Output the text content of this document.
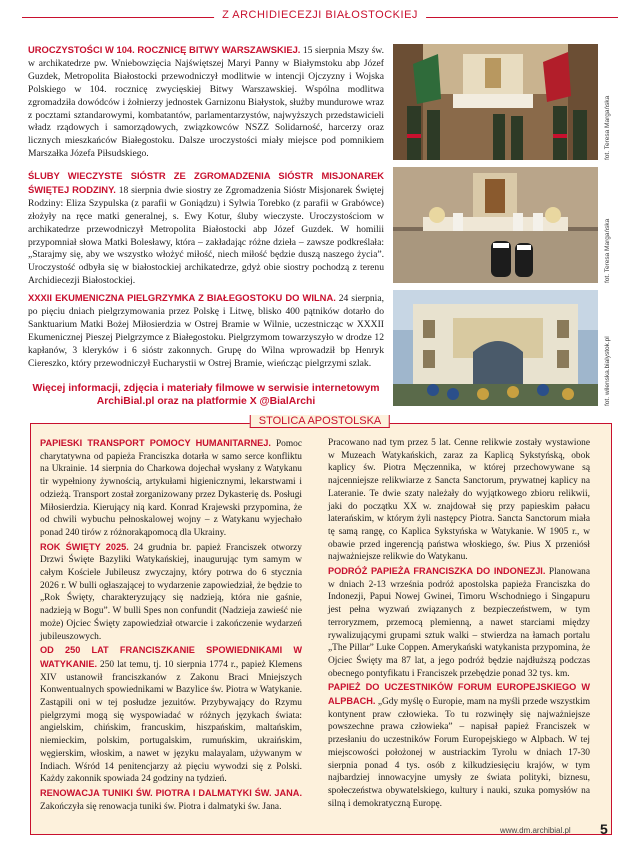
Z ARCHIDIECEZJI BIAŁOSTOCKIEJ
UROCZYSTOŚCI W 104. ROCZNICĘ BITWY WARSZAWSKIEJ. 15 sierpnia Mszy św. w archikatedrze pw. Wniebowzięcia Najświętszej Maryi Panny w Białymstoku abp Józef Guzdek, Metropolita Białostocki przewodniczył modlitwie w intencji Ojczyzny i Wojska Polskiego w 104. rocznicę zwycięskiej Bitwy Warszawskiej. Wspólna modlitwa zgromadziła dowódców i żołnierzy jednostek Garnizonu Białystok, służby mundurowe wraz z pocztami sztandarowymi, kombatantów, parlamentarzystów, najwyższych przedstawicieli władz rządowych i samorządowych, związkowców NSZZ Solidarność, harcerzy oraz licznych mieszkańców Białegostoku. Dalsze uroczystości miały miejsce pod pomnikiem Marszałka Józefa Piłsudskiego.
ŚLUBY WIECZYSTE SIÓSTR ZE ZGROMADZENIA SIÓSTR MISJONAREK ŚWIĘTEJ RODZINY. 18 sierpnia dwie siostry ze Zgromadzenia Sióstr Misjonarek Świętej Rodziny: Eliza Szypulska (z parafii w Goniądzu) i Sylwia Torebko (z parafii w Grabówce) złożyły na ręce matki generalnej, s. Ewy Kotur, śluby wieczyste. Uroczystościom w archikatedrze przewodniczył Metropolita Białostocki abp Józef Guzdek. W homilii przypomniał słowa Matki Bolesławy, która – zakładając różne dzieła – zawsze podkreślała: „Starajmy się, aby we wszystko włożyć miłość, niech miłość będzie duszą naszego życia”. Uroczystość odbyła się w białostockiej archikatedrze, gdyż obie siostry pochodzą z terenu Archidiecezji Białostockiej.
XXXII EKUMENICZNA PIELGRZYMKA Z BIAŁEGOSTOKU DO WILNA. 24 sierpnia, po pięciu dniach pielgrzymowania przez Polskę i Litwę, blisko 400 pątników dotarło do Sanktuarium Matki Bożej Miłosierdzia w Ostrej Bramie w Wilnie, uczestnicząc w XXXII Ekumenicznej Pieszej Pielgrzymce z Białegostoku. Pielgrzymom towarzyszyło w drodze 12 kapłanów, 3 kleryków i 6 sióstr zakonnych. Grupę do Wilna wprowadził bp Henryk Ciereszko, który przewodniczył Eucharystii w Ostrej Bramie, wieńcząc pielgrzymi szlak.
Więcej informacji, zdjęcia i materiały filmowe w serwisie internetowym ArchiBial.pl oraz na platformie X @BialArchi
fot. Teresa Margańska
fot. Teresa Margańska
fot. wilenska.bialystok.pl
STOLICA APOSTOLSKA

PAPIESKI TRANSPORT POMOCY HUMANITARNEJ. Pomoc charytatywna od papieża Franciszka dotarła w samo serce konfliktu na Ukrainie. 14 sierpnia do Charkowa dojechał wysłany z Watykanu tir wypełniony żywnością, artykułami higienicznymi, lekarstwami i odzieżą. Transport został zorganizowany przez Dykasterię ds. Posługi Miłosierdzia. Kierujący nią kard. Konrad Krajewski przypomina, że od chwili wybuchu pełnoskalowej wojny – z Watykanu wyjechało ponad 240 tirów z różnorakąpomocą dla Ukrainy.

ROK ŚWIĘTY 2025. 24 grudnia br. papież Franciszek otworzy Drzwi Święte Bazyliki Watykańskiej, inaugurując tym samym w całym Kościele Jubileusz zwyczajny, który potrwa do 6 stycznia 2026 r. W bulli ogłaszającej to wydarzenie zapowiedział, że będzie to „Rok Święty, charakteryzujący się nadzieją, która nie gaśnie, nadzieją w Bogu”. W bulli Spes non confundit (Nadzieja zawieść nie może) Ojciec Święty zapowiedział otwarcie i zakończenie wydarzeń jubileuszowych.

OD 250 LAT FRANCISZKANIE SPOWIEDNIKAMI W WATYKANIE. 250 lat temu, tj. 10 sierpnia 1774 r., papież Klemens XIV ustanowił franciszkanów z Zakonu Braci Mniejszych Konwentualnych spowiednikami w Bazylice św. Piotra w Watykanie. Zastąpili oni w tej posłudze jezuitów. Przybywający do Rzymu pielgrzymi mogą się wyspowiadać w różnych językach świata: angielskim, chińskim, francuskim, hiszpańskim, maltańskim, niemieckim, polskim, portugalskim, rumuńskim, ukraińskim, węgierskim, włoskim, a nawet w języku malayalam, używanym w Indiach. Wśród 14 penitencjarzy aż pięciu wywodzi się z Polski. Każdy zakonnik spowiada 24 godziny na tydzień.

RENOWACJA TUNIKI ŚW. PIOTRA I DALMATYKI ŚW. JANA. Zakończyła się renowacja tuniki św. Piotra i dalmatyki św. Jana.

Pracowano nad tym przez 5 lat. Cenne relikwie zostały wystawione w Muzeach Watykańskich, zaraz za Kaplicą Sykstyńską, obok kaplicy św. Piotra Męczennika, w której przechowywane są najcenniejsze relikwiarze z Sancta Sanctorum, prywatnej kaplicy na Lateranie. Te dwie szaty należały do wyjątkowego zbioru relikwii, jaki do początku XX w. znajdował się przy papieskim pałacu laterańskim, w którym żyli następcy Piotra. Sancta Sanctorum miała tę samą rangę, co Kaplica Sykstyńska w Watykanie. W 1905 r., w obawie przed ingerencją państwa włoskiego, św. Pius X przeniósł najważniejsze relikwie do Watykanu.

PODRÓŻ PAPIEŻA FRANCISZKA DO INDONEZJI. Planowana w dniach 2-13 września podróż apostolska papieża Franciszka do Indonezji, Papui Nowej Gwinei, Timoru Wschodniego i Singapuru jest pełna wyzwań związanych z bezpieczeństwem, w tym terroryzmem, przemocą plemienną, a nawet starciami między rywalizującymi grupami sztuk walki – stwierdza na łamach portalu „The Pillar” Luke Coppen. Amerykański watykanista przypomina, że Ojciec Święty ma 87 lat, a jego podróż będzie najdłuższą podczas obecnego pontyfikatu i Franciszek przebędzie ponad 32 tys. km.

PAPIEŻ DO UCZESTNIKÓW FORUM EUROPEJSKIEGO W ALPBACH. „Gdy myślę o Europie, mam na myśli przede wszystkim kontynent praw człowieka. To tu rozwinęły się najważniejsze powszechne prawa człowieka” – napisał papież Franciszek w przesłaniu do uczestników Forum Europejskiego w Alpbach. W tej miejscowości położonej w austriackim Tyrolu w dniach 17-30 sierpnia ponad 4 tys. osób z kilkudziesięciu krajów, w tym najbardziej innowacyjne umysły ze świata polityki, biznesu, społeczeństwa obywatelskiego, kultury i nauki, szuka pomysłów na silną i demokratyczną Europę.

www.dm.archibial.pl 5
